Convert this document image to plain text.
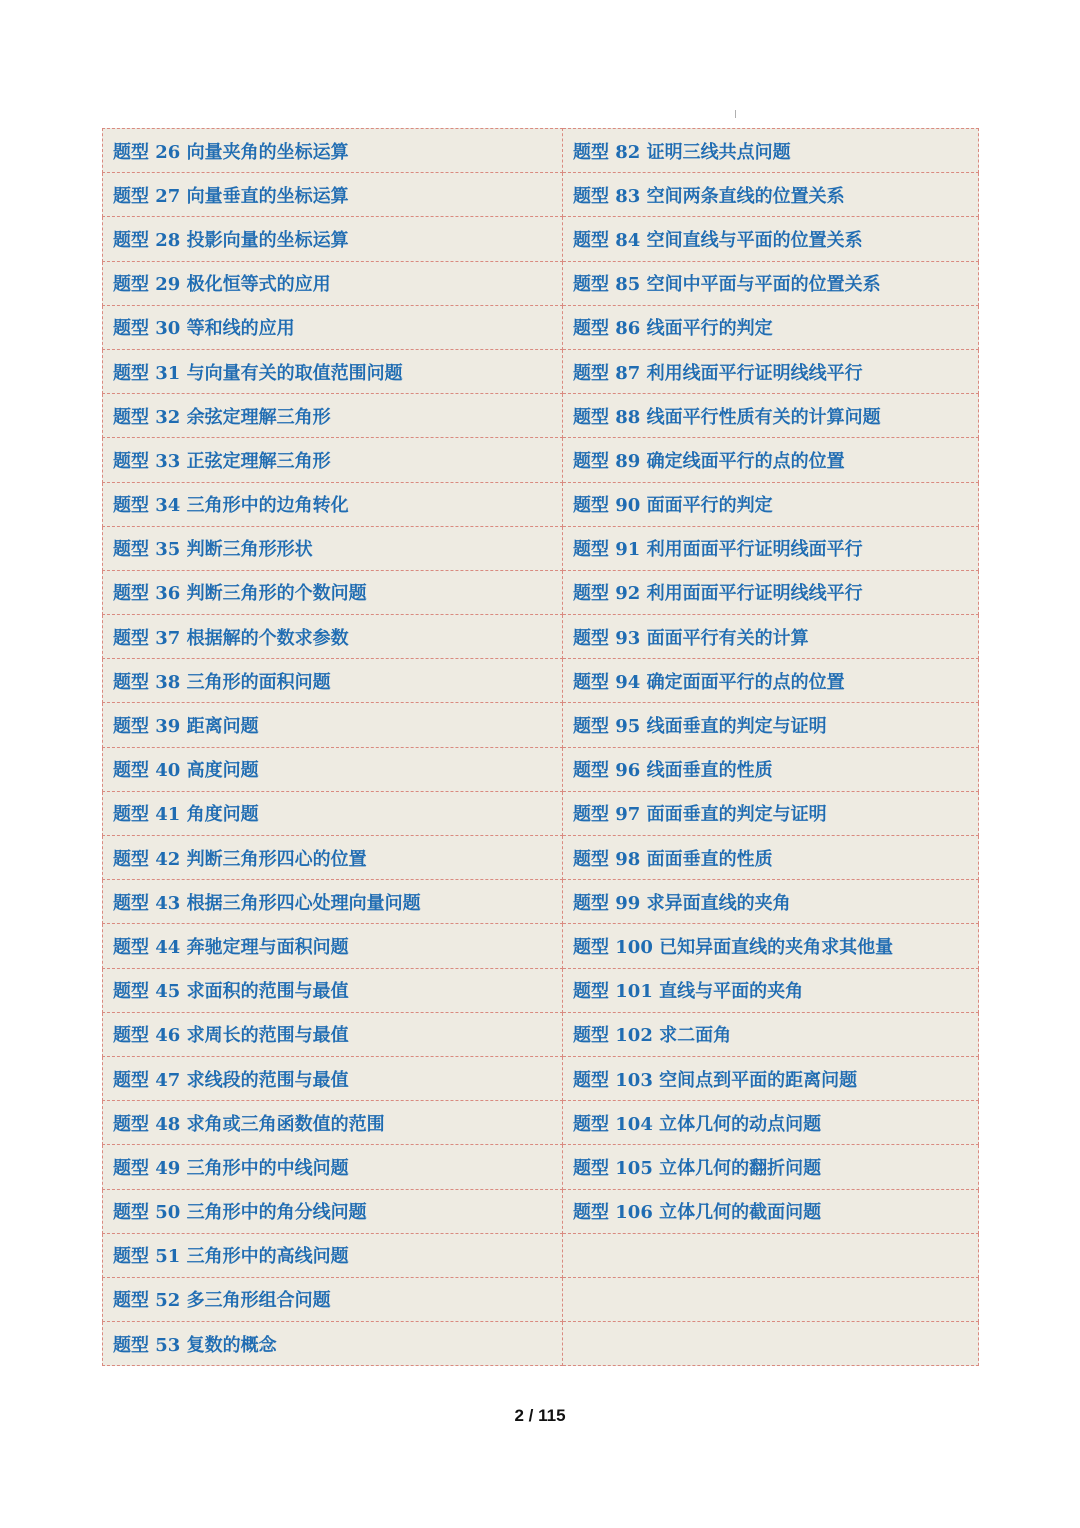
题型 26 向量夹角的坐标运算	题型 82 证明三线共点问题
题型 27 向量垂直的坐标运算	题型 83 空间两条直线的位置关系
题型 28 投影向量的坐标运算	题型 84 空间直线与平面的位置关系
题型 29 极化恒等式的应用	题型 85 空间中平面与平面的位置关系
题型 30 等和线的应用	题型 86 线面平行的判定
题型 31 与向量有关的取值范围问题	题型 87 利用线面平行证明线线平行
题型 32 余弦定理解三角形	题型 88 线面平行性质有关的计算问题
题型 33 正弦定理解三角形	题型 89 确定线面平行的点的位置
题型 34 三角形中的边角转化	题型 90 面面平行的判定
题型 35 判断三角形形状	题型 91 利用面面平行证明线面平行
题型 36 判断三角形的个数问题	题型 92 利用面面平行证明线线平行
题型 37 根据解的个数求参数	题型 93 面面平行有关的计算
题型 38 三角形的面积问题	题型 94 确定面面平行的点的位置
题型 39 距离问题	题型 95 线面垂直的判定与证明
题型 40 高度问题	题型 96 线面垂直的性质
题型 41 角度问题	题型 97 面面垂直的判定与证明
题型 42 判断三角形四心的位置	题型 98 面面垂直的性质
题型 43 根据三角形四心处理向量问题	题型 99 求异面直线的夹角
题型 44 奔驰定理与面积问题	题型 100 已知异面直线的夹角求其他量
题型 45 求面积的范围与最值	题型 101 直线与平面的夹角
题型 46 求周长的范围与最值	题型 102 求二面角
题型 47 求线段的范围与最值	题型 103 空间点到平面的距离问题
题型 48 求角或三角函数值的范围	题型 104 立体几何的动点问题
题型 49 三角形中的中线问题	题型 105 立体几何的翻折问题
题型 50 三角形中的角分线问题	题型 106 立体几何的截面问题
题型 51 三角形中的高线问题	
题型 52 多三角形组合问题	
题型 53 复数的概念	
2 / 115
